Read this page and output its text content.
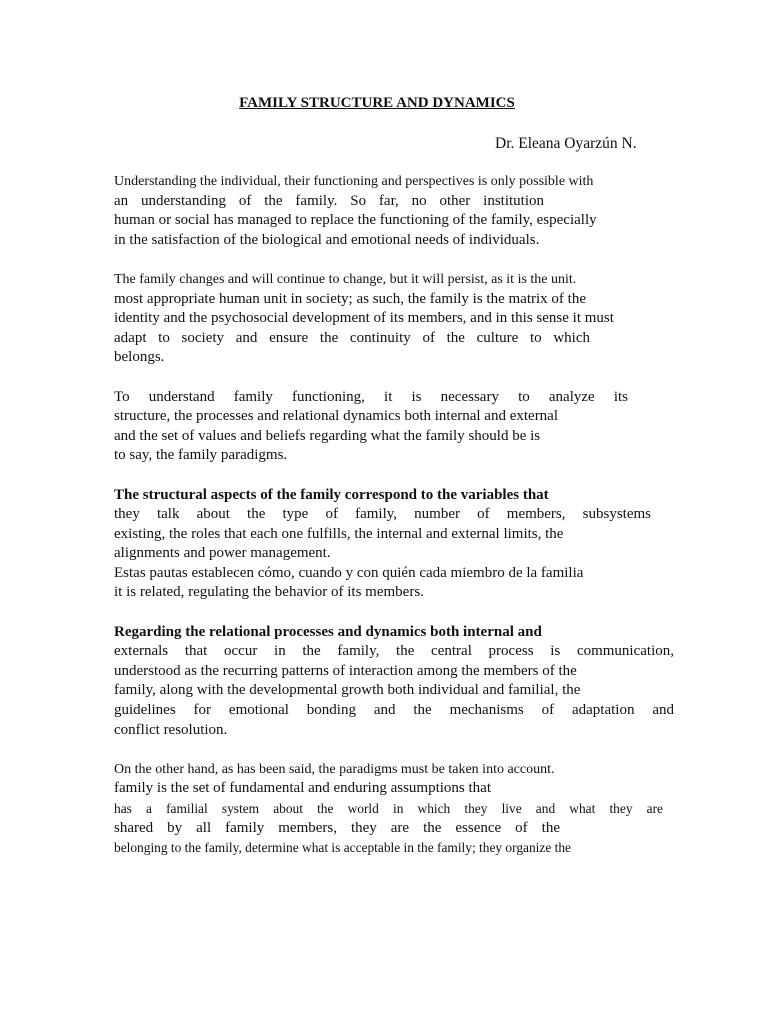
FAMILY STRUCTURE AND DYNAMICS
Dr. Eleana Oyarzún N.
Understanding the individual, their functioning and perspectives is only possible with
an understanding of the family. So far, no other institution
human or social has managed to replace the functioning of the family, especially
in the satisfaction of the biological and emotional needs of individuals.
The family changes and will continue to change, but it will persist, as it is the unit.
most appropriate human unit in society; as such, the family is the matrix of the
identity and the psychosocial development of its members, and in this sense it must
adapt to society and ensure the continuity of the culture to which
belongs.
To understand family functioning, it is necessary to analyze its
structure, the processes and relational dynamics both internal and external
and the set of values and beliefs regarding what the family should be is
to say, the family paradigms.
The structural aspects of the family correspond to the variables that
they talk about the type of family, number of members, subsystems
existing, the roles that each one fulfills, the internal and external limits, the
alignments and power management.
Estas pautas establecen cómo, cuando y con quién cada miembro de la familia
it is related, regulating the behavior of its members.
Regarding the relational processes and dynamics both internal and
externals that occur in the family, the central process is communication,
understood as the recurring patterns of interaction among the members of the
family, along with the developmental growth both individual and familial, the
guidelines for emotional bonding and the mechanisms of adaptation and
conflict resolution.
On the other hand, as has been said, the paradigms must be taken into account.
family is the set of fundamental and enduring assumptions that
has a familial system about the world in which they live and what they are
shared by all family members, they are the essence of the
belonging to the family, determine what is acceptable in the family; they organize the
